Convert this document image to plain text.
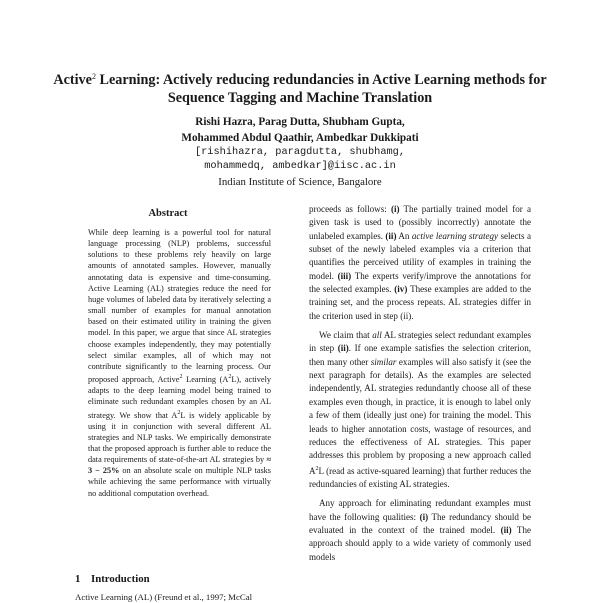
Active$^2$ Learning: Actively reducing redundancies in Active Learning methods for Sequence Tagging and Machine Translation
Rishi Hazra, Parag Dutta, Shubham Gupta,
Mohammed Abdul Qaathir, Ambedkar Dukkipati
[rishihazra, paragdutta, shubhamg,
mohammedq, ambedkar]@iisc.ac.in
Indian Institute of Science, Bangalore
Abstract

While deep learning is a powerful tool for natural language processing (NLP) problems, successful solutions to these problems rely heavily on large amounts of annotated samples. However, manually annotating data is expensive and time-consuming. Active Learning (AL) strategies reduce the need for huge volumes of labeled data by iteratively selecting a small number of examples for manual annotation based on their estimated utility in training the given model. In this paper, we argue that since AL strategies choose examples independently, they may potentially select similar examples, all of which may not contribute significantly to the learning process. Our proposed approach, Active$^2$ Learning $(A^2L)$, actively adapts to the deep learning model being trained to eliminate such redundant examples chosen by an AL strategy. We show that $A^2L$ is widely applicable by using it in conjunction with several different AL strategies and NLP tasks. We empirically demonstrate that the proposed approach is further able to reduce the data requirements of state-of-the-art AL strategies by ≈ 3 − 25% on an absolute scale on multiple NLP tasks while achieving the same performance with virtually no additional computation overhead.

1 Introduction
Active Learning (AL) (Freund et al., 1997; McCal

proceeds as follows: (i) The partially trained model for a given task is used to (possibly incorrectly) annotate the unlabeled examples. (ii) An active learning strategy selects a subset of the newly labeled examples via a criterion that quantifies the perceived utility of examples in training the model. (iii) The experts verify/improve the annotations for the selected examples. (iv) These examples are added to the training set, and the process repeats. AL strategies differ in the criterion used in step (ii).

We claim that all AL strategies select redundant examples in step (ii). If one example satisfies the selection criterion, then many other similar examples will also satisfy it (see the next paragraph for details). As the examples are selected independently, AL strategies redundantly choose all of these examples even though, in practice, it is enough to label only a few of them (ideally just one) for training the model. This leads to higher annotation costs, wastage of resources, and reduces the effectiveness of AL strategies. This paper addresses this problem by proposing a new approach called $A^2L$ (read as active-squared learning) that further reduces the redundancies of existing AL strategies.

Any approach for eliminating redundant examples must have the following qualities: (i) The redundancy should be evaluated in the context of the trained model. (ii) The approach should apply to a wide variety of commonly used models
